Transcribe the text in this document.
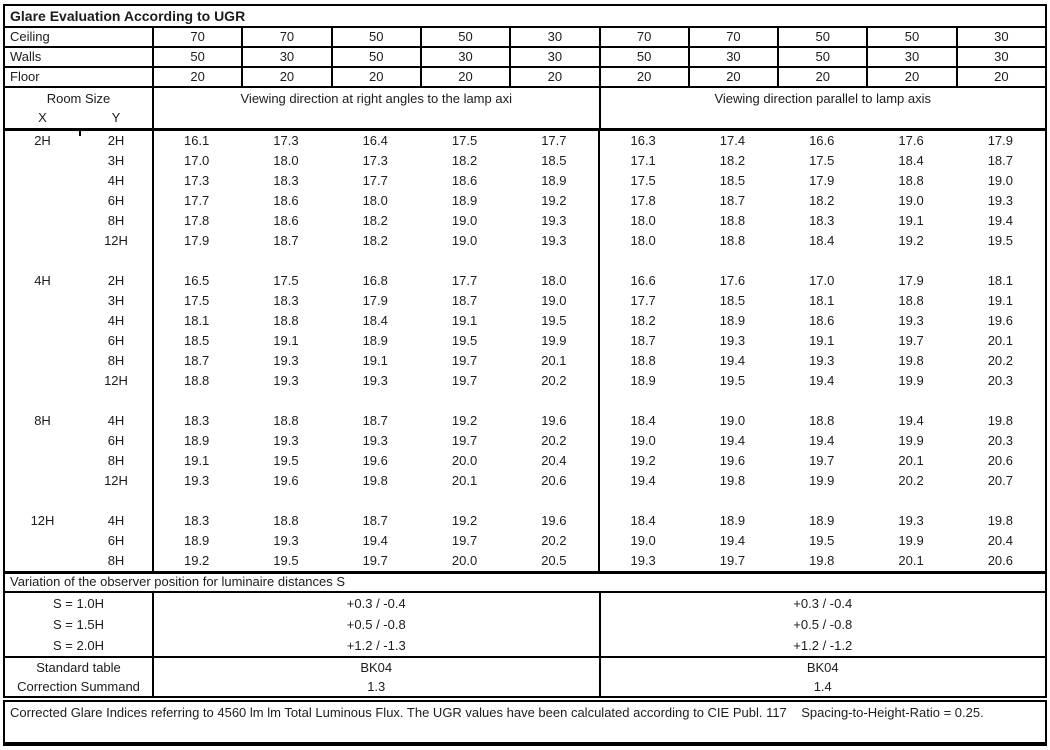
Glare Evaluation According to UGR
Ceiling	70	70	50	50	30	70	70	50	50	30
Walls	50	30	50	30	30	50	30	50	30	30
Floor	20	20	20	20	20	20	20	20	20	20
Room Size
X	Y
Viewing direction at right angles to the lamp axi	Viewing direction parallel to lamp axis
2H	2H	16.1	17.3	16.4	17.5	17.7	16.3	17.4	16.6	17.6	17.9
3H	17.0	18.0	17.3	18.2	18.5	17.1	18.2	17.5	18.4	18.7
4H	17.3	18.3	17.7	18.6	18.9	17.5	18.5	17.9	18.8	19.0
6H	17.7	18.6	18.0	18.9	19.2	17.8	18.7	18.2	19.0	19.3
8H	17.8	18.6	18.2	19.0	19.3	18.0	18.8	18.3	19.1	19.4
12H	17.9	18.7	18.2	19.0	19.3	18.0	18.8	18.4	19.2	19.5
4H	2H	16.5	17.5	16.8	17.7	18.0	16.6	17.6	17.0	17.9	18.1
3H	17.5	18.3	17.9	18.7	19.0	17.7	18.5	18.1	18.8	19.1
4H	18.1	18.8	18.4	19.1	19.5	18.2	18.9	18.6	19.3	19.6
6H	18.5	19.1	18.9	19.5	19.9	18.7	19.3	19.1	19.7	20.1
8H	18.7	19.3	19.1	19.7	20.1	18.8	19.4	19.3	19.8	20.2
12H	18.8	19.3	19.3	19.7	20.2	18.9	19.5	19.4	19.9	20.3
8H	4H	18.3	18.8	18.7	19.2	19.6	18.4	19.0	18.8	19.4	19.8
6H	18.9	19.3	19.3	19.7	20.2	19.0	19.4	19.4	19.9	20.3
8H	19.1	19.5	19.6	20.0	20.4	19.2	19.6	19.7	20.1	20.6
12H	19.3	19.6	19.8	20.1	20.6	19.4	19.8	19.9	20.2	20.7
12H	4H	18.3	18.8	18.7	19.2	19.6	18.4	18.9	18.9	19.3	19.8
6H	18.9	19.3	19.4	19.7	20.2	19.0	19.4	19.5	19.9	20.4
8H	19.2	19.5	19.7	20.0	20.5	19.3	19.7	19.8	20.1	20.6
Variation of the observer position for luminaire distances S
S = 1.0H	+0.3 / -0.4	+0.3 / -0.4
S = 1.5H	+0.5 / -0.8	+0.5 / -0.8
S = 2.0H	+1.2 / -1.3	+1.2 / -1.2
Standard table	BK04	BK04
Correction Summand	1.3	1.4
Corrected Glare Indices referring to 4560 lm lm Total Luminous Flux. The UGR values have been calculated according to CIE Publ. 117    Spacing-to-Height-Ratio = 0.25.
